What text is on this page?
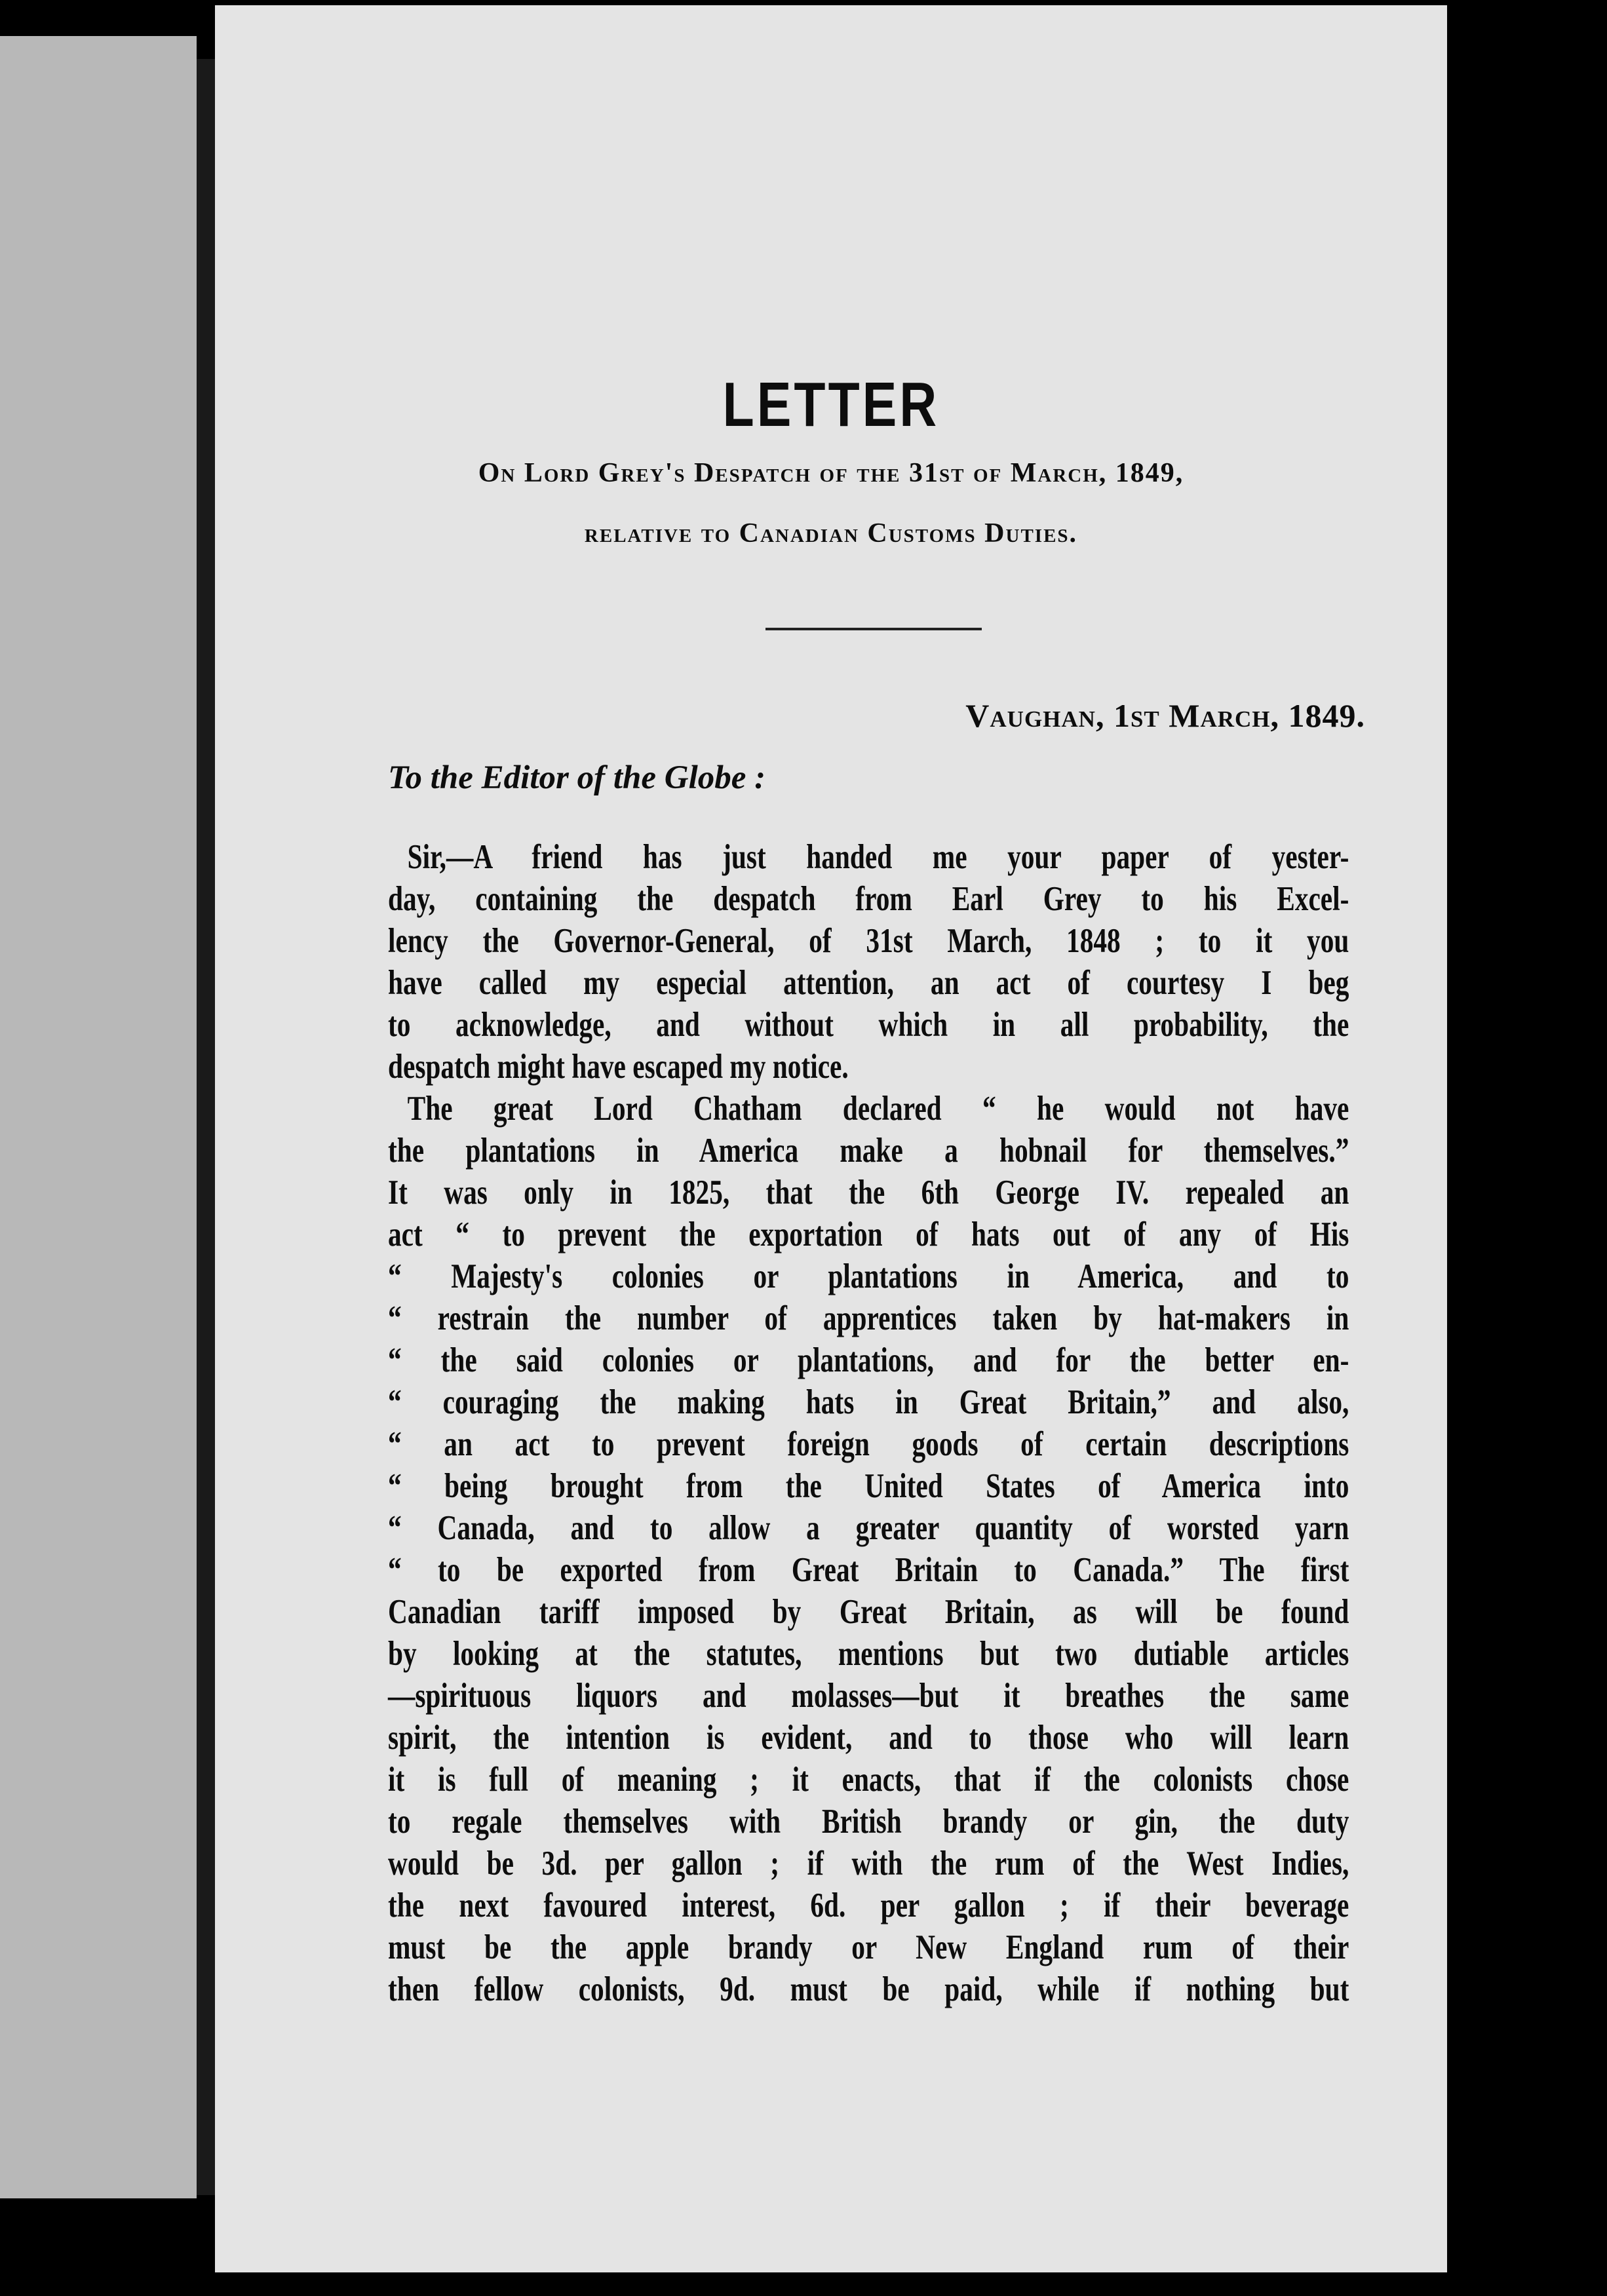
LETTER
On Lord Grey's Despatch of the 31st of March, 1849,
relative to Canadian Customs Duties.
Vaughan, 1st March, 1849.
To the Editor of the Globe :
Sir,—A friend has just handed me your paper of yester-
day, containing the despatch from Earl Grey to his Excel-
lency the Governor-General, of 31st March, 1848 ; to it you
have called my especial attention, an act of courtesy I beg
to acknowledge, and without which in all probability, the
despatch might have escaped my notice.
The great Lord Chatham declared “ he would not have
the plantations in America make a hobnail for themselves.”
It was only in 1825, that the 6th George IV. repealed an
act “ to prevent the exportation of hats out of any of His
“ Majesty's colonies or plantations in America, and to
“ restrain the number of apprentices taken by hat-makers in
“ the said colonies or plantations, and for the better en-
“ couraging the making hats in Great Britain,” and also,
“ an act to prevent foreign goods of certain descriptions
“ being brought from the United States of America into
“ Canada, and to allow a greater quantity of worsted yarn
“ to be exported from Great Britain to Canada.” The first
Canadian tariff imposed by Great Britain, as will be found
by looking at the statutes, mentions but two dutiable articles
—spirituous liquors and molasses—but it breathes the same
spirit, the intention is evident, and to those who will learn
it is full of meaning ; it enacts, that if the colonists chose
to regale themselves with British brandy or gin, the duty
would be 3d. per gallon ; if with the rum of the West Indies,
the next favoured interest, 6d. per gallon ; if their beverage
must be the apple brandy or New England rum of their
then fellow colonists, 9d. must be paid, while if nothing but
